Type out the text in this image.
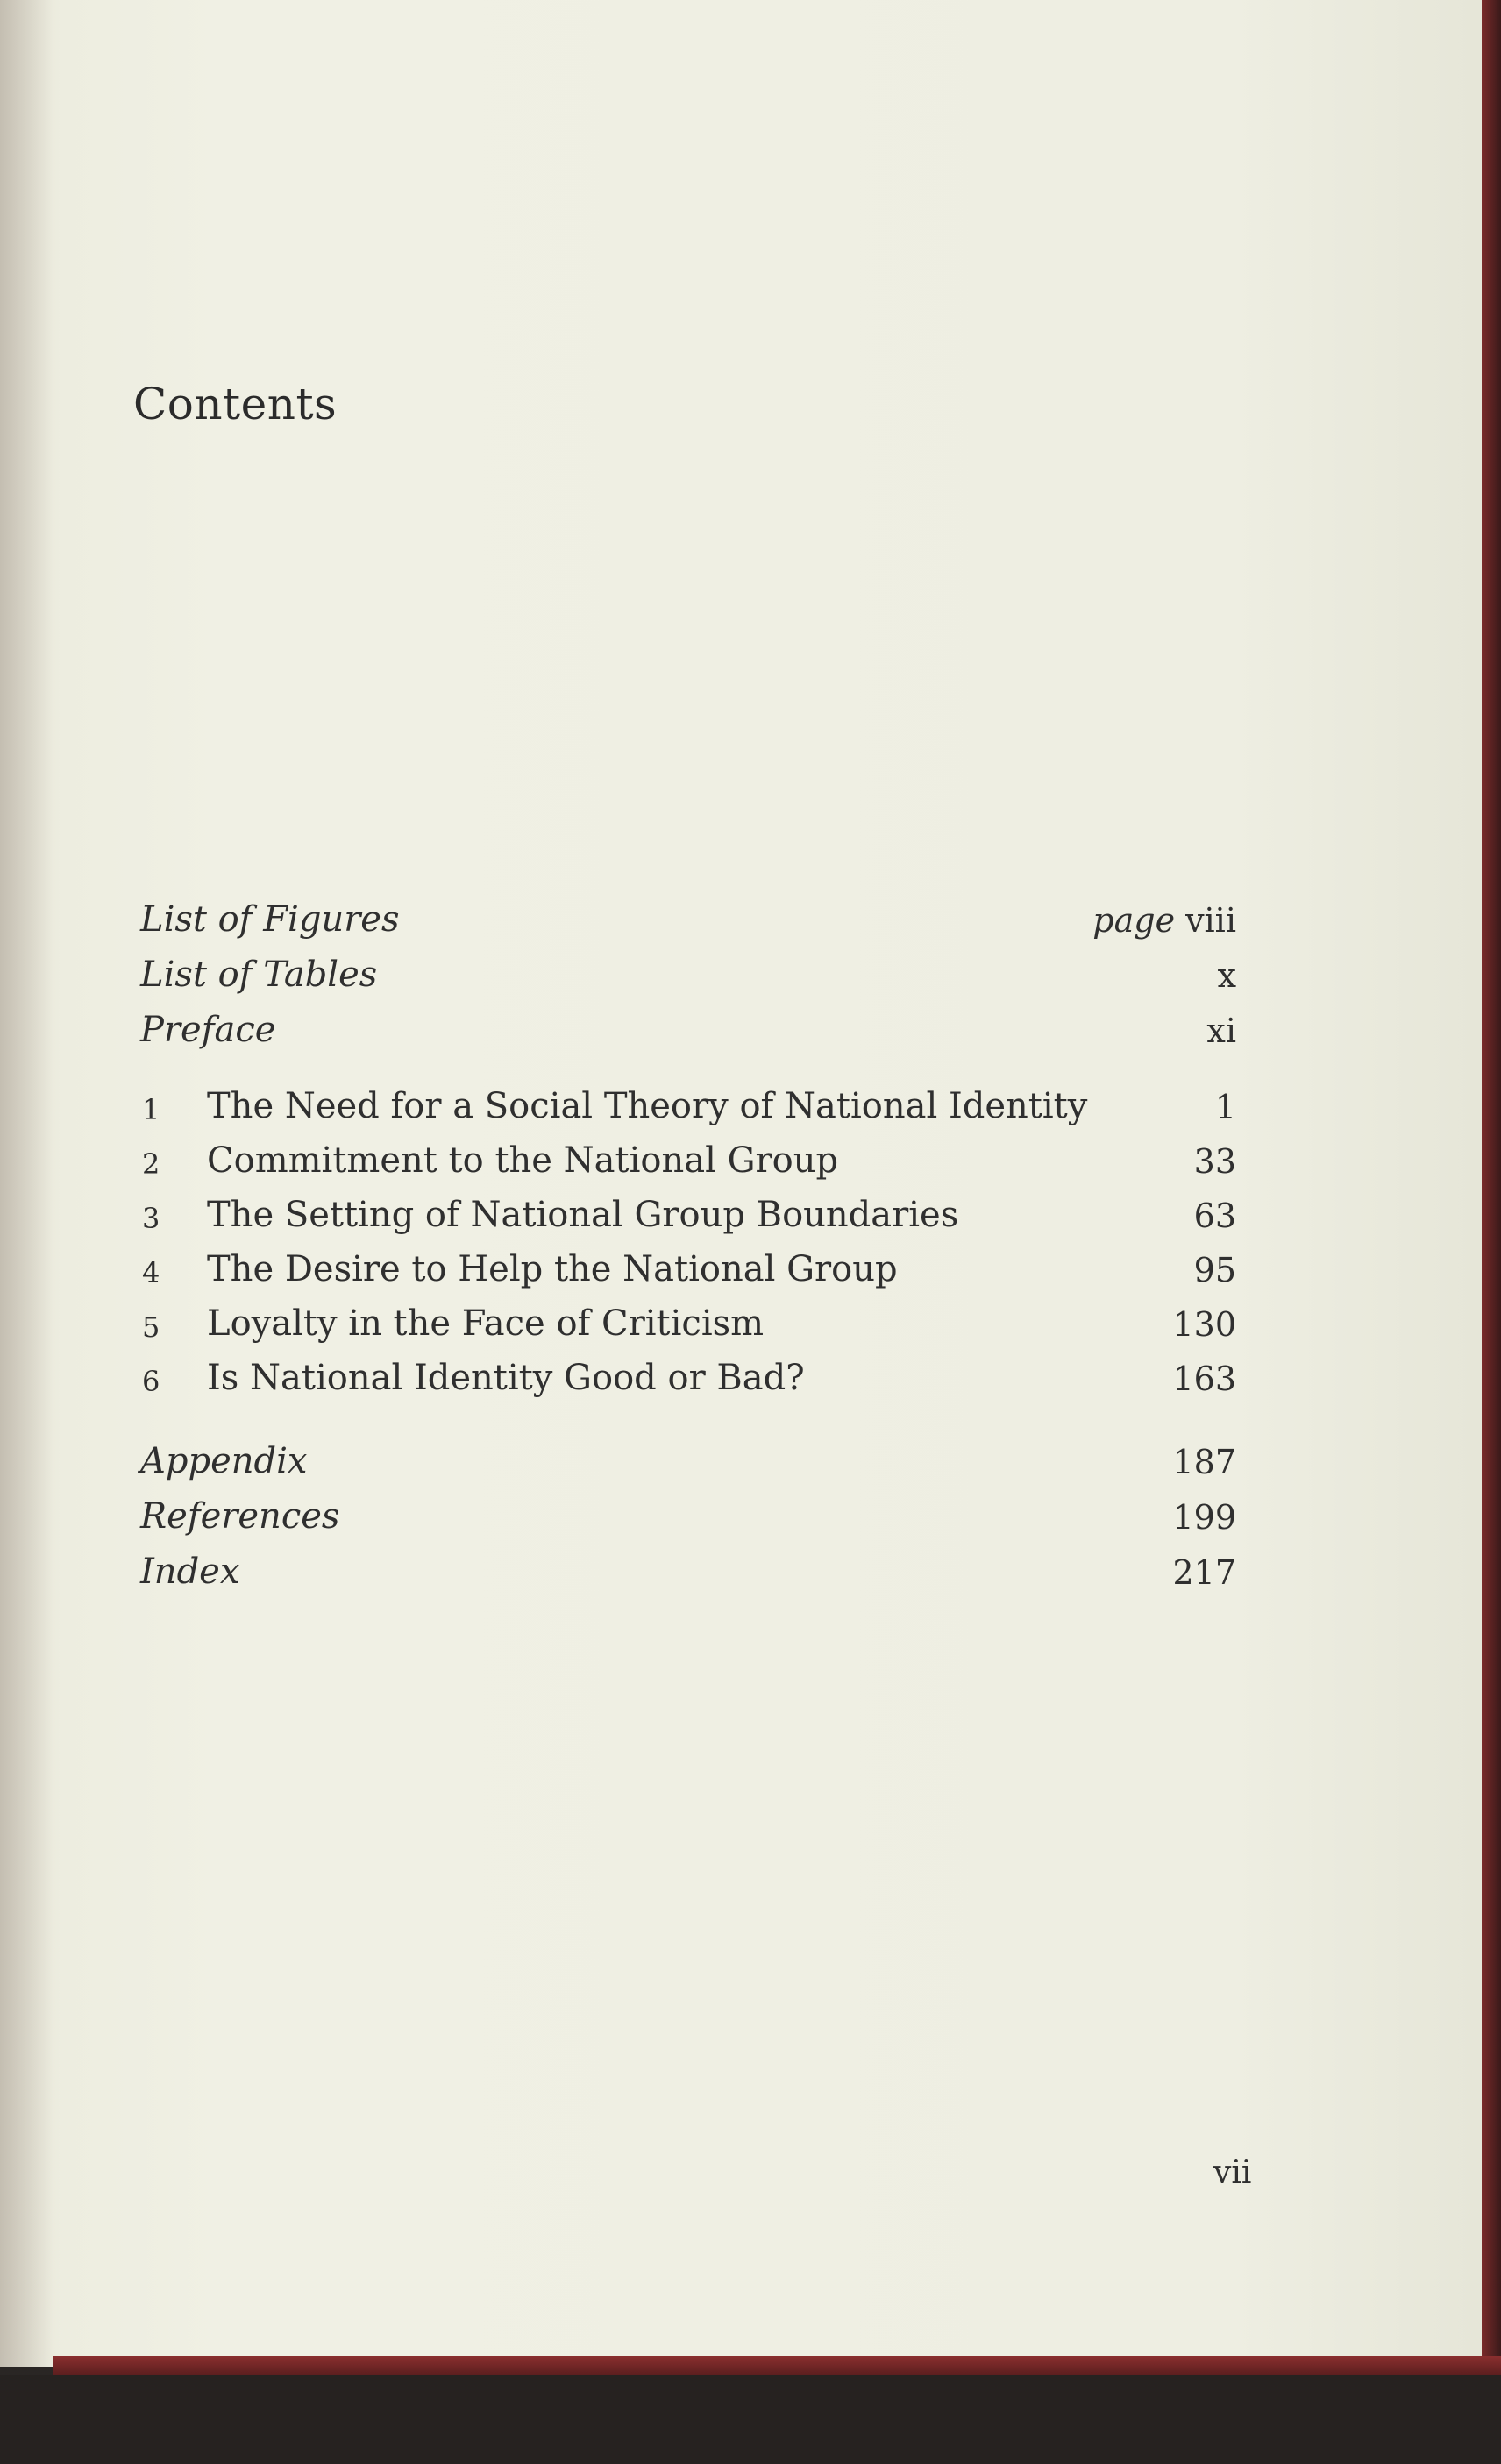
Contents
List of Figures	page viii
List of Tables	x
Preface	xi
1 The Need for a Social Theory of National Identity	1
2 Commitment to the National Group	33
3 The Setting of National Group Boundaries	63
4 The Desire to Help the National Group	95
5 Loyalty in the Face of Criticism	130
6 Is National Identity Good or Bad?	163
Appendix	187
References	199
Index	217
vii
